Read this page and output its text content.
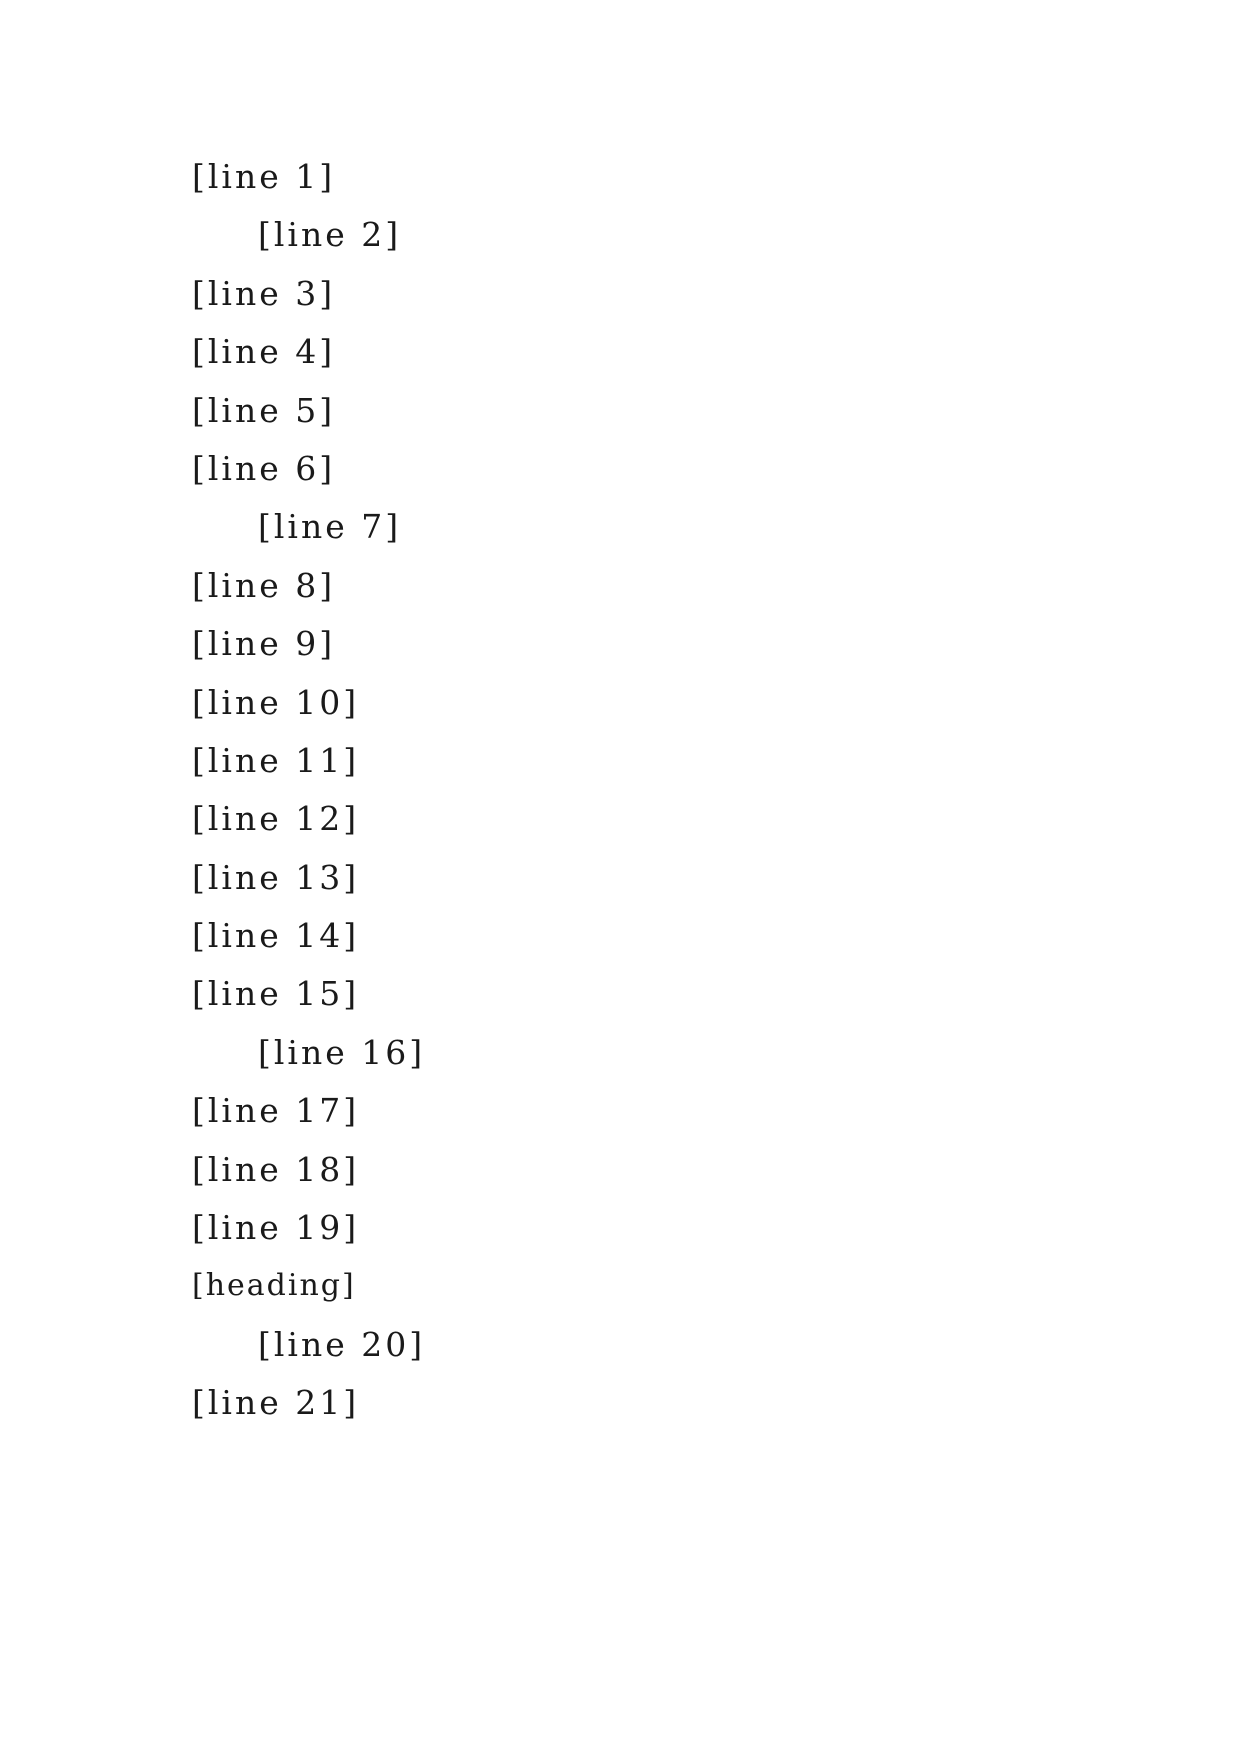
[line 1]
[line 2]
[line 3]
[line 4]
[line 5]
[line 6]
[line 7]
[line 8]
[line 9]
[line 10]
[line 11]
[line 12]
[line 13]
[line 14]
[line 15]
[line 16]
[line 17]
[line 18]
[line 19]
[heading]
[line 20]
[line 21]
